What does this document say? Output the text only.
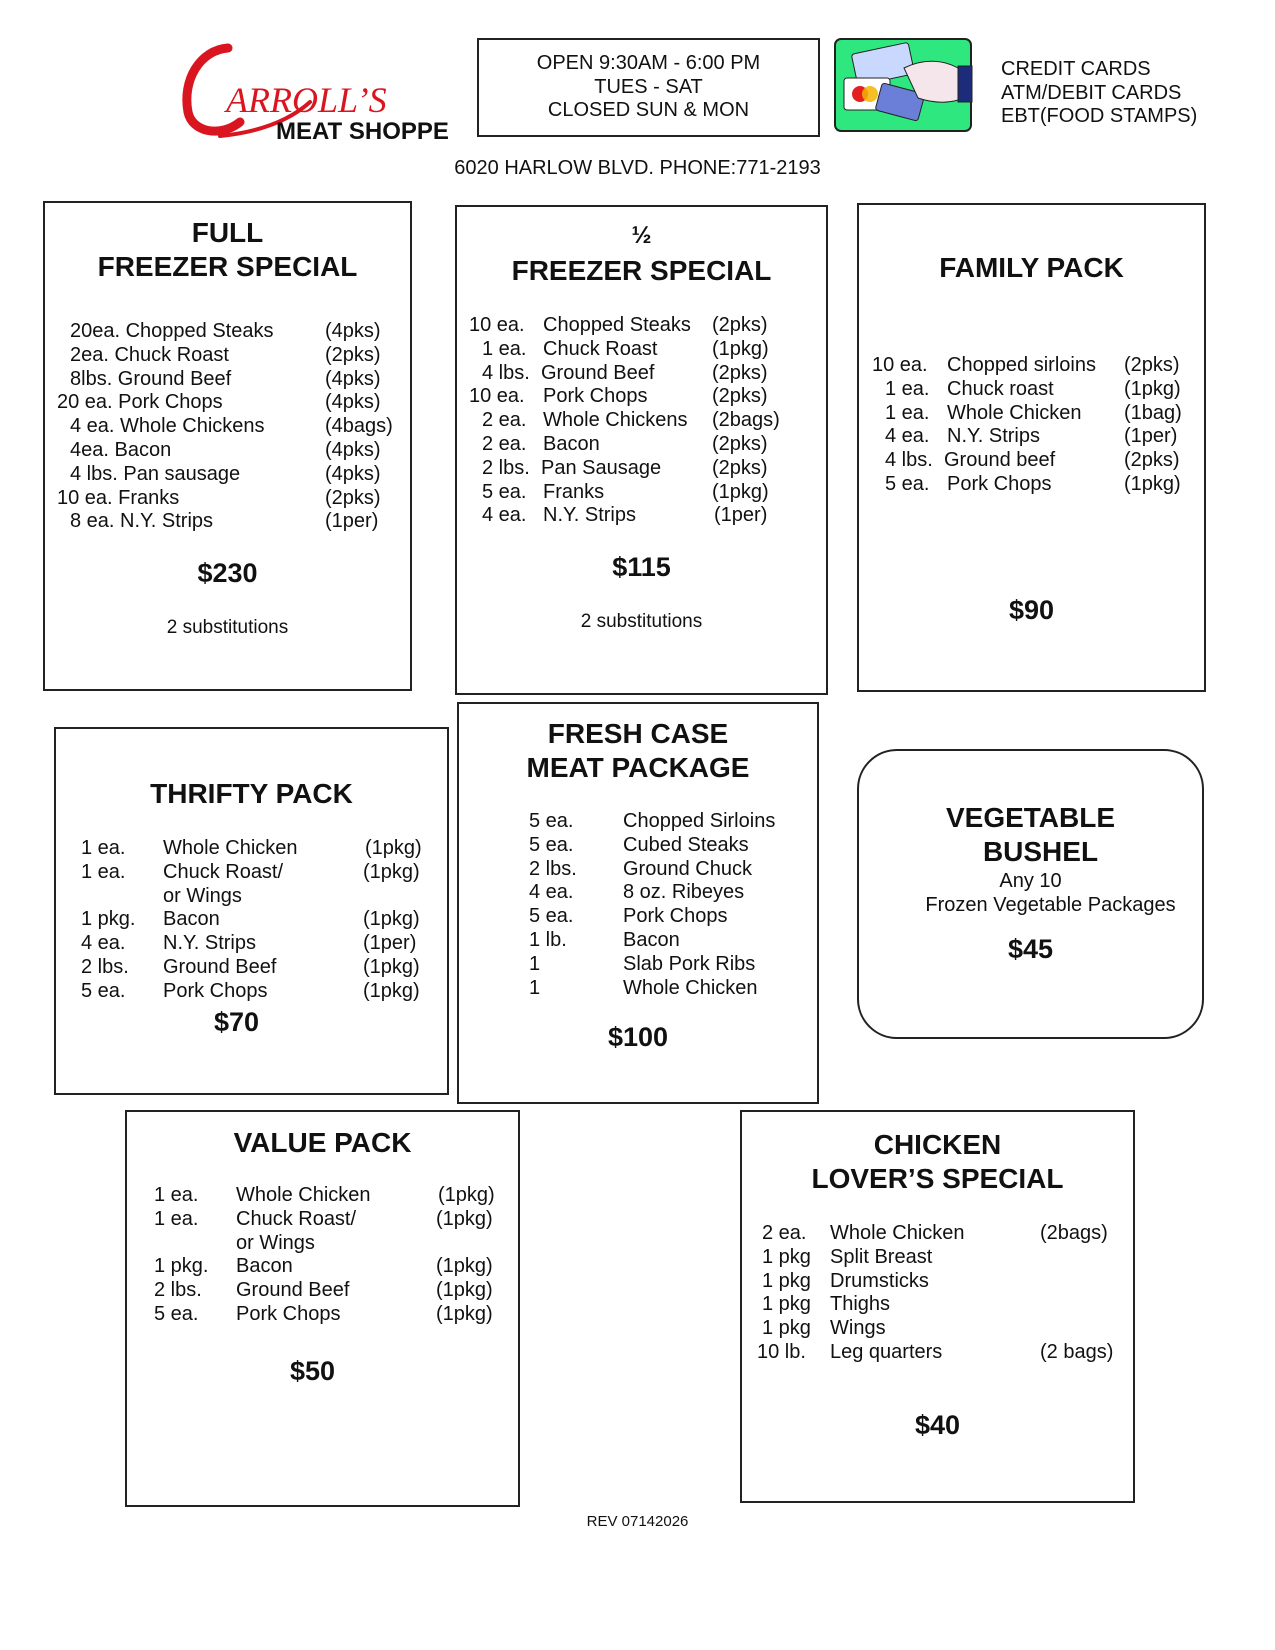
ARROLL’S
MEAT SHOPPE
OPEN 9:30AM - 6:00 PM
TUES - SAT
CLOSED SUN & MON
CREDIT CARDS
ATM/DEBIT CARDS
EBT(FOOD STAMPS)
6020 HARLOW BLVD. PHONE:771-2193
FULL
FREEZER SPECIAL
20ea. Chopped Steaks	(4pks)
2ea. Chuck Roast	(2pks)
8lbs. Ground Beef	(4pks)
20 ea. Pork Chops	(4pks)
4 ea. Whole Chickens	(4bags)
4ea. Bacon	(4pks)
4 lbs. Pan sausage	(4pks)
10 ea. Franks	(2pks)
8 ea. N.Y. Strips	(1per)
$230
2 substitutions
½
FREEZER SPECIAL
10 ea. Chopped Steaks (2pks)
1 ea. Chuck Roast	(1pkg)
4 lbs. Ground Beef	(2pks)
10 ea. Pork Chops	(2pks)
2 ea. Whole Chickens (2bags)
2 ea. Bacon	(2pks)
2 lbs. Pan Sausage	(2pks)
5 ea. Franks	(1pkg)
4 ea. N.Y. Strips	(1per)
$115
2 substitutions
FAMILY PACK
10 ea. Chopped sirloins (2pks)
1 ea. Chuck roast	(1pkg)
1 ea. Whole Chicken (1bag)
4 ea. N.Y. Strips	(1per)
4 lbs. Ground beef	(2pks)
5 ea. Pork Chops	(1pkg)
$90
THRIFTY PACK
1 ea. Whole Chicken	(1pkg)
1 ea. Chuck Roast/	(1pkg)
or Wings
1 pkg. Bacon	(1pkg)
4 ea. N.Y. Strips	(1per)
2 lbs. Ground Beef	(1pkg)
5 ea. Pork Chops	(1pkg)
$70
FRESH CASE
MEAT PACKAGE
5 ea. Chopped Sirloins
5 ea. Cubed Steaks
2 lbs. Ground Chuck
4 ea. 8 oz. Ribeyes
5 ea. Pork Chops
1 lb.	Bacon
1	Slab Pork Ribs
1	Whole Chicken
$100
VEGETABLE
BUSHEL
Any 10
Frozen Vegetable Packages
$45
VALUE PACK
1 ea. Whole Chicken	(1pkg)
1 ea. Chuck Roast/	(1pkg)
or Wings
1 pkg. Bacon	(1pkg)
2 lbs. Ground Beef	(1pkg)
5 ea. Pork Chops	(1pkg)
$50
CHICKEN
LOVER’S SPECIAL
2 ea. Whole Chicken	(2bags)
1 pkg Split Breast
1 pkg Drumsticks
1 pkg Thighs
1 pkg Wings
10 lb. Leg quarters	(2 bags)
$40
REV 07142026
